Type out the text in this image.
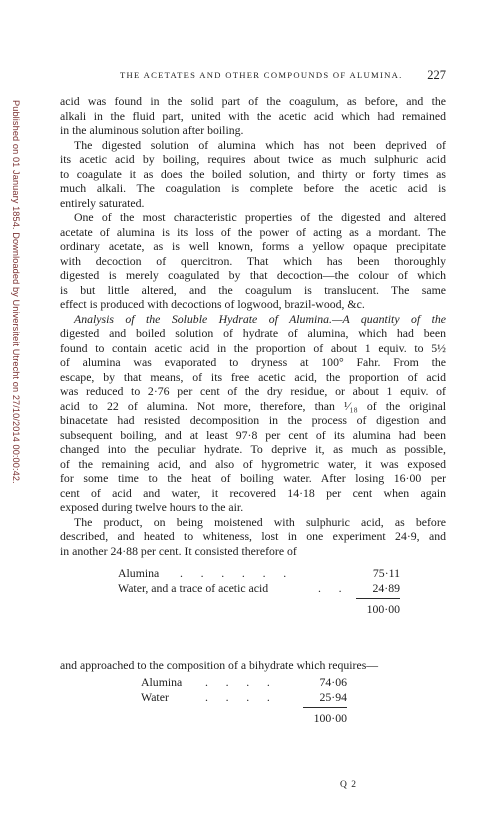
Published on 01 January 1854. Downloaded by Universiteit Utrecht on 27/10/2014 00:00:42.
THE ACETATES AND OTHER COMPOUNDS OF ALUMINA. 227
acid was found in the solid part of the coagulum, as before, and the
alkali in the fluid part, united with the acetic acid which had remained
in the aluminous solution after boiling.
The digested solution of alumina which has not been deprived of
its acetic acid by boiling, requires about twice as much sulphuric acid
to coagulate it as does the boiled solution, and thirty or forty times as
much alkali. The coagulation is complete before the acetic acid is
entirely saturated.
One of the most characteristic properties of the digested and altered
acetate of alumina is its loss of the power of acting as a mordant. The
ordinary acetate, as is well known, forms a yellow opaque precipitate
with decoction of quercitron. That which has been thoroughly
digested is merely coagulated by that decoction—the colour of which
is but little altered, and the coagulum is translucent. The same
effect is produced with decoctions of logwood, brazil-wood, &c.
Analysis of the Soluble Hydrate of Alumina.—A quantity of the
digested and boiled solution of hydrate of alumina, which had been
found to contain acetic acid in the proportion of about 1 equiv. to 5½
of alumina was evaporated to dryness at 100° Fahr. From the
escape, by that means, of its free acetic acid, the proportion of acid
was reduced to 2·76 per cent of the dry residue, or about 1 equiv. of
acid to 22 of alumina. Not more, therefore, than ¹⁄₁₈ of the original
binacetate had resisted decomposition in the process of digestion and
subsequent boiling, and at least 97·8 per cent of its alumina had been
changed into the peculiar hydrate. To deprive it, as much as possible,
of the remaining acid, and also of hygrometric water, it was exposed
for some time to the heat of boiling water. After losing 16·00 per
cent of acid and water, it recovered 14·18 per cent when again
exposed during twelve hours to the air.
The product, on being moistened with sulphuric acid, as before
described, and heated to whiteness, lost in one experiment 24·9, and
in another 24·88 per cent. It consisted therefore of
Alumina .      .      .      .      .      .	75·11
Water, and a trace of acetic acid	.      .	24·89
100·00
and approached to the composition of a bihydrate which requires—
Alumina .      .      .      .	74·06
Water	.      .      .      .	25·94
100·00
Q 2
